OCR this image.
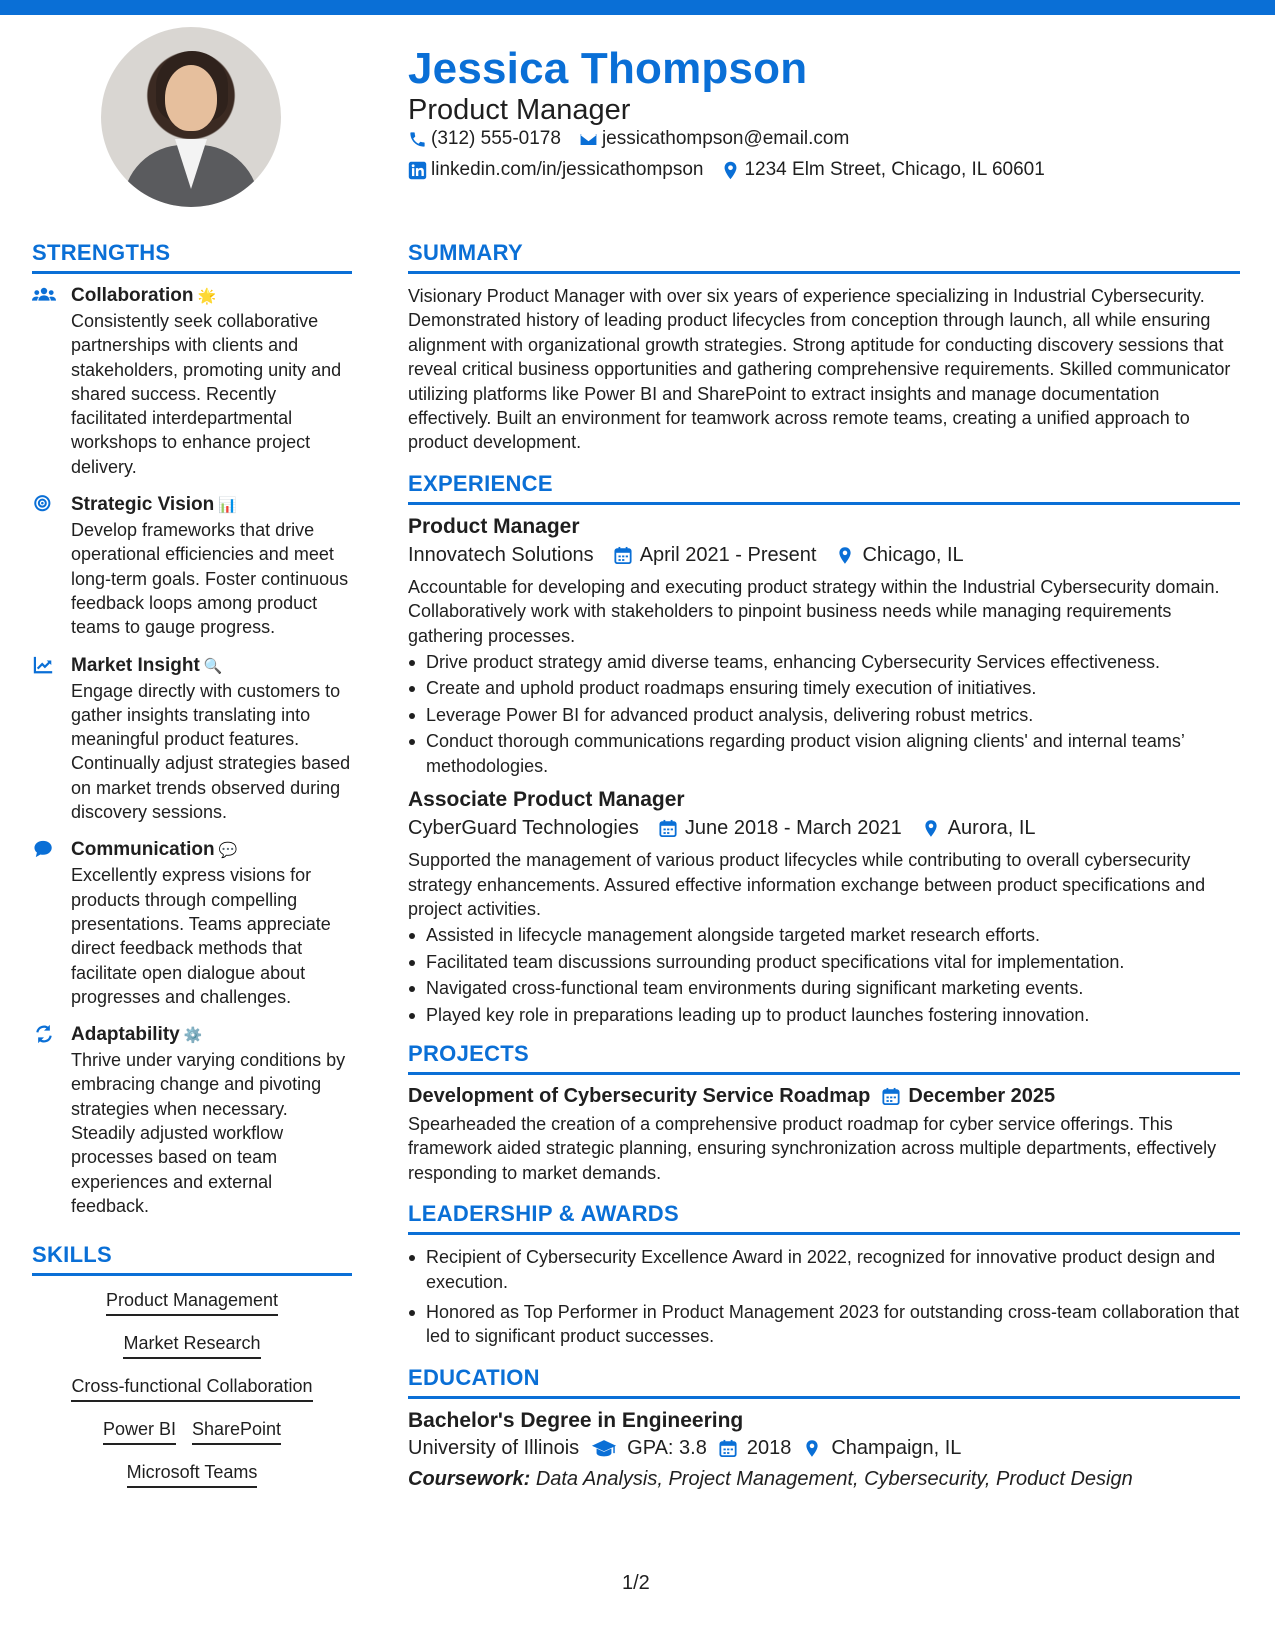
Jessica Thompson
Product Manager
(312) 555-0178 jessicathompson@email.com
linkedin.com/in/jessicathompson 1234 Elm Street, Chicago, IL 60601
STRENGTHS
Collaboration 🌟
Consistently seek collaborative partnerships with clients and stakeholders, promoting unity and shared success. Recently facilitated interdepartmental workshops to enhance project delivery.
Strategic Vision 📊
Develop frameworks that drive operational efficiencies and meet long-term goals. Foster continuous feedback loops among product teams to gauge progress.
Market Insight 🔍
Engage directly with customers to gather insights translating into meaningful product features. Continually adjust strategies based on market trends observed during discovery sessions.
Communication 💬
Excellently express visions for products through compelling presentations. Teams appreciate direct feedback methods that facilitate open dialogue about progresses and challenges.
Adaptability ⚙️
Thrive under varying conditions by embracing change and pivoting strategies when necessary. Steadily adjusted workflow processes based on team experiences and external feedback.
SKILLS
Product Management
Market Research
Cross-functional Collaboration
Power BI SharePoint
Microsoft Teams
SUMMARY
Visionary Product Manager with over six years of experience specializing in Industrial Cybersecurity. Demonstrated history of leading product lifecycles from conception through launch, all while ensuring alignment with organizational growth strategies. Strong aptitude for conducting discovery sessions that reveal critical business opportunities and gathering comprehensive requirements. Skilled communicator utilizing platforms like Power BI and SharePoint to extract insights and manage documentation effectively. Built an environment for teamwork across remote teams, creating a unified approach to product development.
EXPERIENCE
Product Manager
Innovatech Solutions April 2021 - Present Chicago, IL
Accountable for developing and executing product strategy within the Industrial Cybersecurity domain. Collaboratively work with stakeholders to pinpoint business needs while managing requirements gathering processes.
Drive product strategy amid diverse teams, enhancing Cybersecurity Services effectiveness.
Create and uphold product roadmaps ensuring timely execution of initiatives.
Leverage Power BI for advanced product analysis, delivering robust metrics.
Conduct thorough communications regarding product vision aligning clients' and internal teams’ methodologies.
Associate Product Manager
CyberGuard Technologies June 2018 - March 2021 Aurora, IL
Supported the management of various product lifecycles while contributing to overall cybersecurity strategy enhancements. Assured effective information exchange between product specifications and project activities.
Assisted in lifecycle management alongside targeted market research efforts.
Facilitated team discussions surrounding product specifications vital for implementation.
Navigated cross-functional team environments during significant marketing events.
Played key role in preparations leading up to product launches fostering innovation.
PROJECTS
Development of Cybersecurity Service Roadmap December 2025
Spearheaded the creation of a comprehensive product roadmap for cyber service offerings. This framework aided strategic planning, ensuring synchronization across multiple departments, effectively responding to market demands.
LEADERSHIP & AWARDS
Recipient of Cybersecurity Excellence Award in 2022, recognized for innovative product design and execution.
Honored as Top Performer in Product Management 2023 for outstanding cross-team collaboration that led to significant product successes.
EDUCATION
Bachelor's Degree in Engineering
University of Illinois GPA: 3.8 2018 Champaign, IL
Coursework: Data Analysis, Project Management, Cybersecurity, Product Design
1/2
